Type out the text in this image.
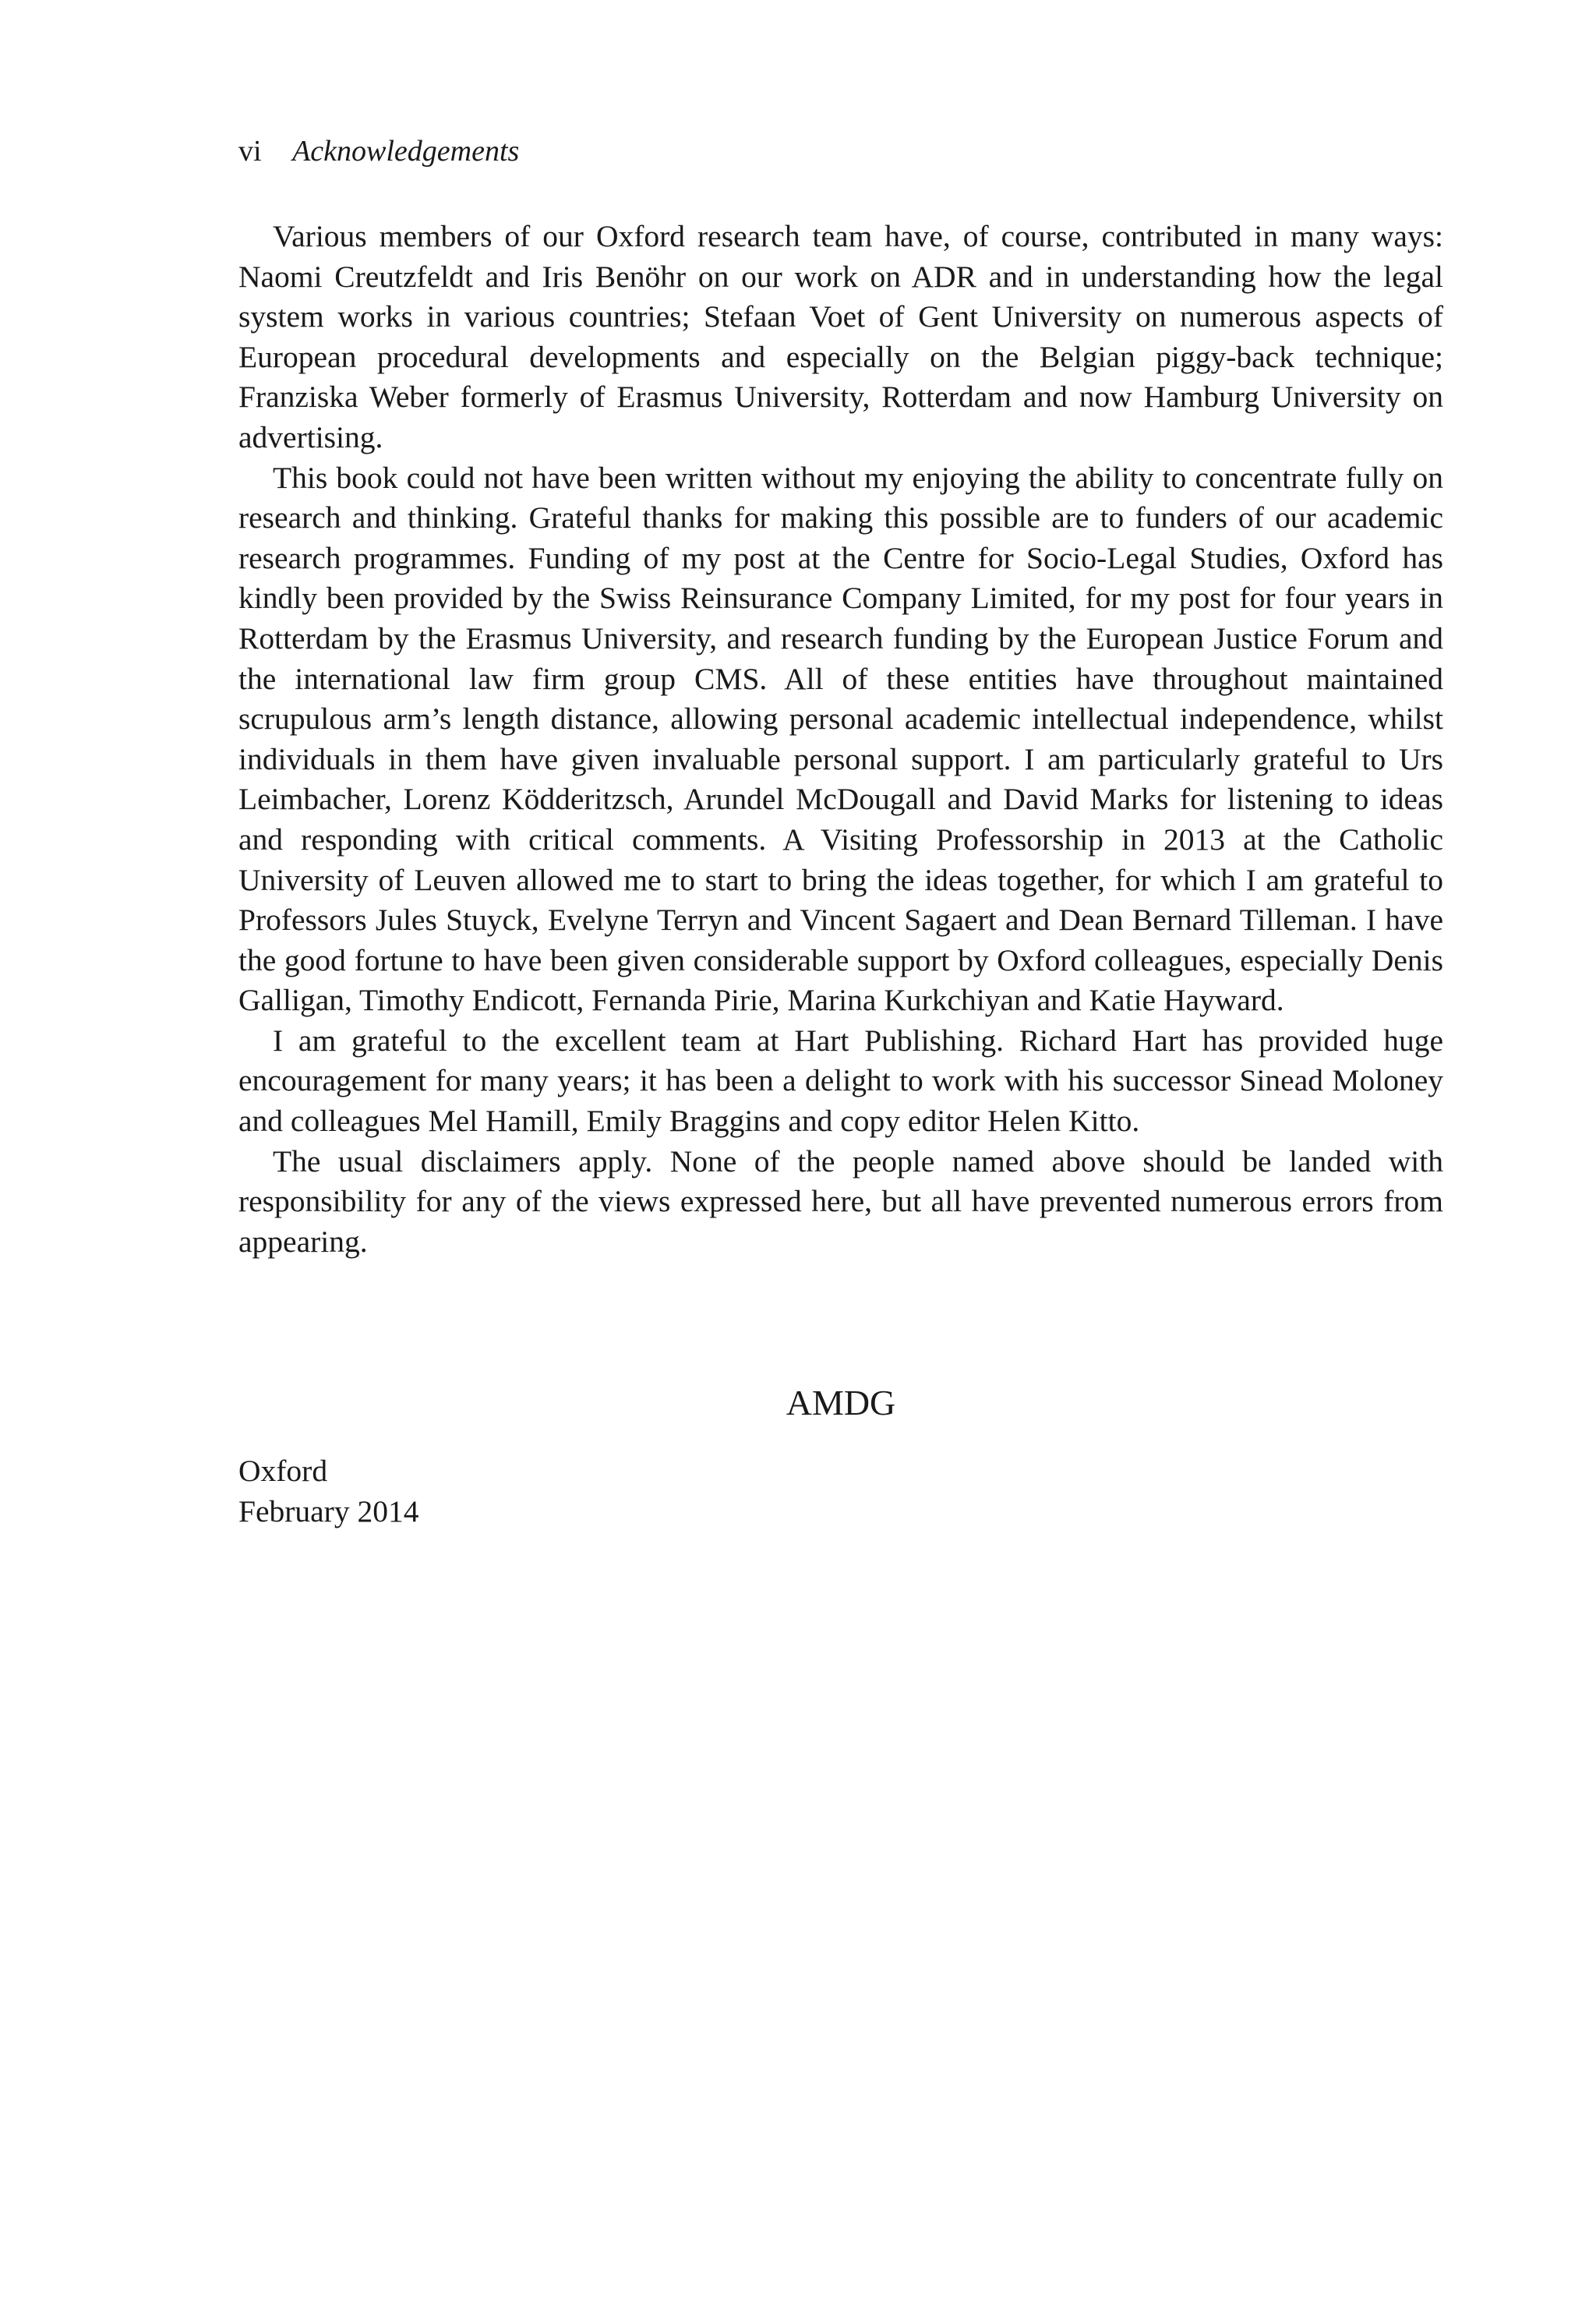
vi Acknowledgements

Various members of our Oxford research team have, of course, contributed in many ways: Naomi Creutzfeldt and Iris Benöhr on our work on ADR and in understanding how the legal system works in various countries; Stefaan Voet of Gent University on numerous aspects of European procedural developments and especially on the Belgian piggy-back technique; Franziska Weber formerly of Erasmus University, Rotterdam and now Hamburg University on advertising.

This book could not have been written without my enjoying the ability to concentrate fully on research and thinking. Grateful thanks for making this possible are to funders of our academic research programmes. Funding of my post at the Centre for Socio-Legal Studies, Oxford has kindly been provided by the Swiss Reinsurance Company Limited, for my post for four years in Rotterdam by the Erasmus University, and research funding by the European Justice Forum and the international law firm group CMS. All of these entities have throughout maintained scrupulous arm’s length distance, allowing personal academic intellectual independence, whilst individuals in them have given invaluable personal support. I am particularly grateful to Urs Leimbacher, Lorenz Ködderitzsch, Arundel McDougall and David Marks for listening to ideas and responding with critical comments. A Visiting Professorship in 2013 at the Catholic University of Leuven allowed me to start to bring the ideas together, for which I am grateful to Professors Jules Stuyck, Evelyne Terryn and Vincent Sagaert and Dean Bernard Tilleman. I have the good fortune to have been given considerable support by Oxford colleagues, especially Denis Galligan, Timothy Endicott, Fernanda Pirie, Marina Kurkchiyan and Katie Hayward.

I am grateful to the excellent team at Hart Publishing. Richard Hart has provided huge encouragement for many years; it has been a delight to work with his successor Sinead Moloney and colleagues Mel Hamill, Emily Braggins and copy editor Helen Kitto.

The usual disclaimers apply. None of the people named above should be landed with responsibility for any of the views expressed here, but all have prevented numerous errors from appearing.

AMDG
Oxford
February 2014
